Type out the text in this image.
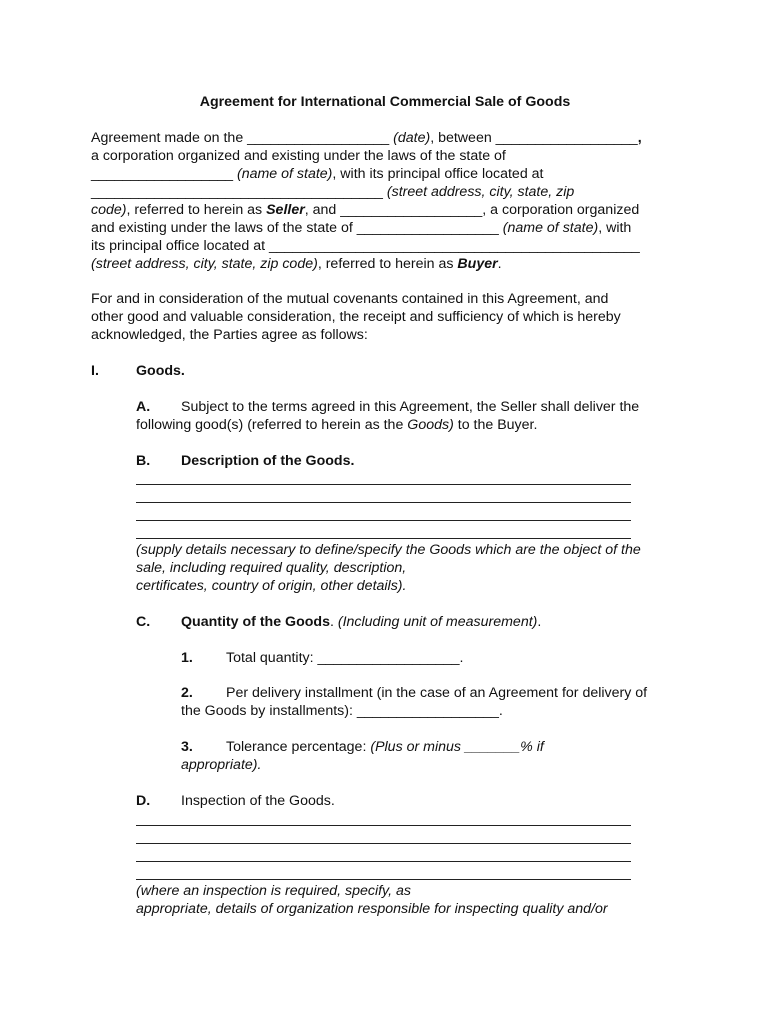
Agreement for International Commercial Sale of Goods
Agreement made on the __________________ (date), between __________________,
a corporation organized and existing under the laws of the state of
__________________ (name of state), with its principal office located at
_____________________________________ (street address, city, state, zip
code), referred to herein as Seller, and __________________, a corporation organized
and existing under the laws of the state of __________________ (name of state), with
its principal office located at _______________________________________________
(street address, city, state, zip code), referred to herein as Buyer.
For and in consideration of the mutual covenants contained in this Agreement, and
other good and valuable consideration, the receipt and sufficiency of which is hereby
acknowledged, the Parties agree as follows:
I.	Goods.
A. Subject to the terms agreed in this Agreement, the Seller shall deliver the
following good(s) (referred to herein as the Goods) to the Buyer.
B. Description of the Goods.
(supply details necessary to define/specify the Goods which are the object of the
sale, including required quality, description,
certificates, country of origin, other details).
C. Quantity of the Goods. (Including unit of measurement).
1. Total quantity: __________________.
2. Per delivery installment (in the case of an Agreement for delivery of
the Goods by installments): __________________.
3. Tolerance percentage: (Plus or minus _______% if
appropriate).
D. Inspection of the Goods.
(where an inspection is required, specify, as
appropriate, details of organization responsible for inspecting quality and/or
